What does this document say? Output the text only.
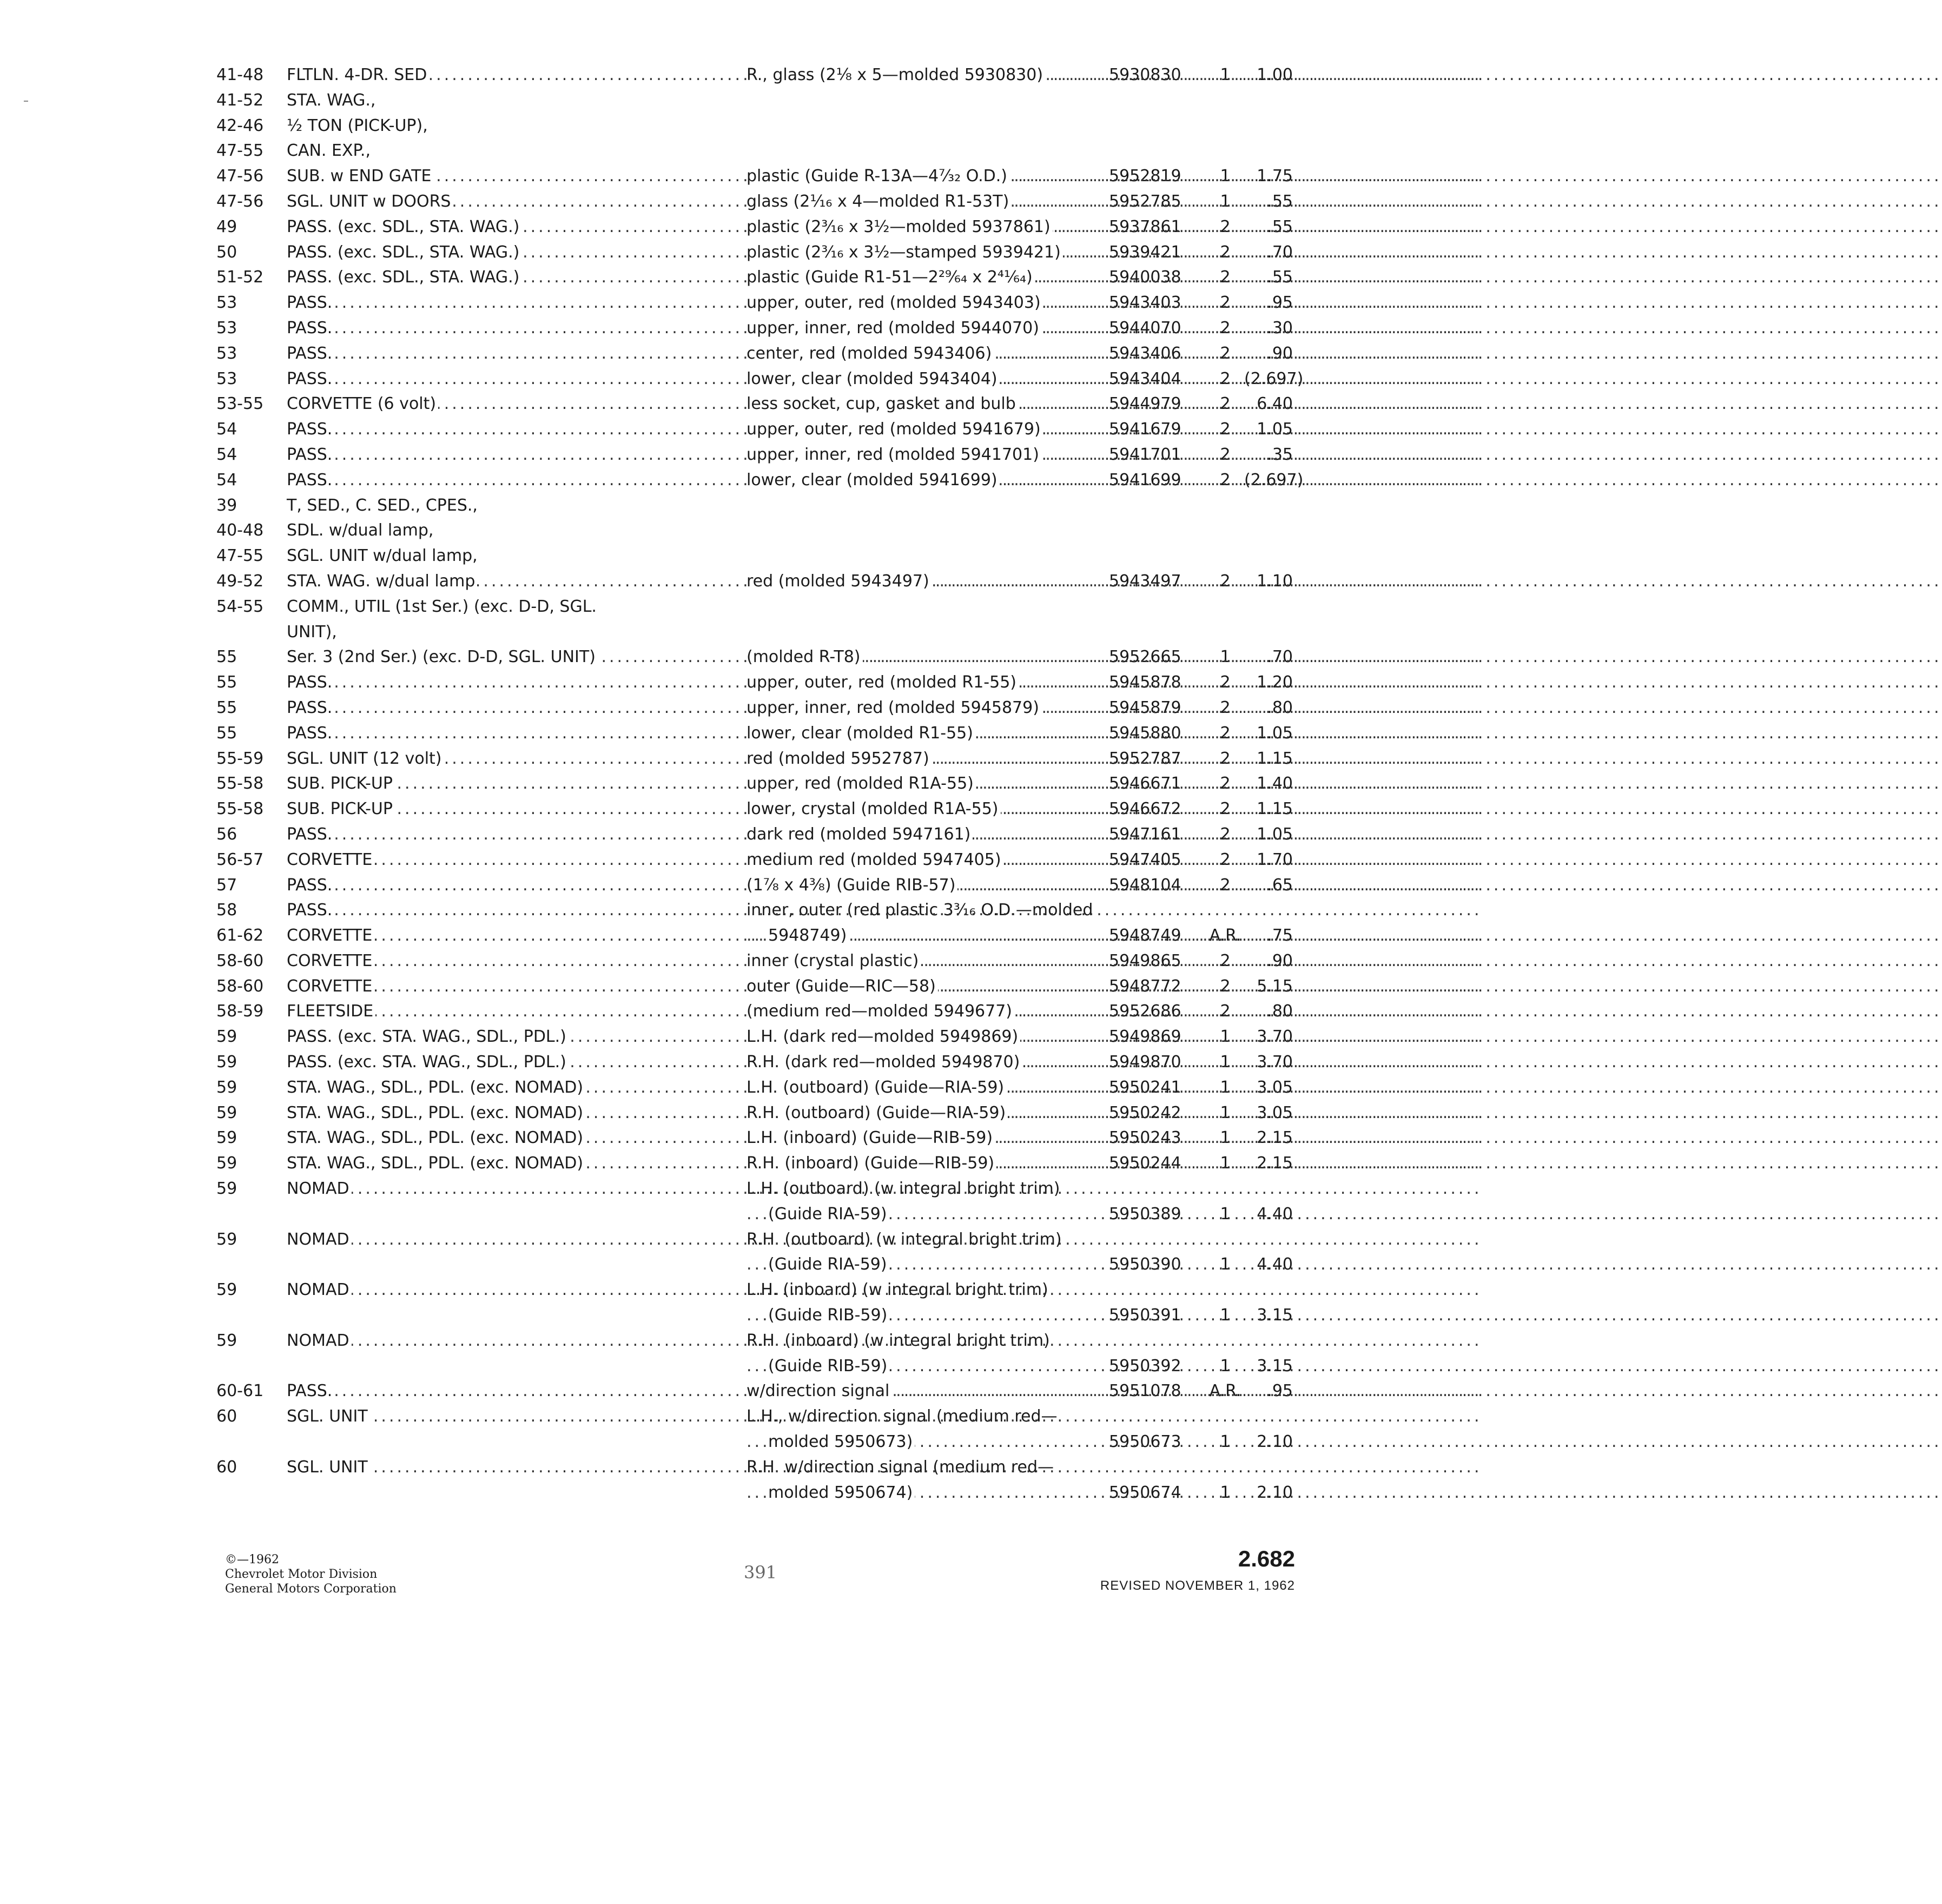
41-48	FLTLN. 4-DR. SED .....		R., glass (2⅛ x 5—molded 5930830) .....	5930830	1	1.00
41-52	STA. WAG.,					
42-46	½ TON (PICK-UP),					
47-55	CAN. EXP.,					
47-56	SUB. w END GATE .....		plastic (Guide R-13A—4⁷⁄₃₂ O.D.) .....	5952819	1	1.75
47-56	SGL. UNIT w DOORS .....		glass (2¹⁄₁₆ x 4—molded R1-53T) .....	5952785	1	.55
49	PASS. (exc. SDL., STA. WAG.) .....		plastic (2³⁄₁₆ x 3½—molded 5937861) .....	5937861	2	.55
50	PASS. (exc. SDL., STA. WAG.) .....		plastic (2³⁄₁₆ x 3½—stamped 5939421) .....	5939421	2	.70
51-52	PASS. (exc. SDL., STA. WAG.) .....		plastic (Guide R1-51—2²⁹⁄₆₄ x 2⁴¹⁄₆₄) .....	5940038	2	.55
53	PASS. .....		upper, outer, red (molded 5943403) .....	5943403	2	.95
53	PASS. .....		upper, inner, red (molded 5944070) .....	5944070	2	.30
53	PASS. .....		center, red (molded 5943406) .....	5943406	2	.90
53	PASS. .....		lower, clear (molded 5943404) .....	5943404	2	(2.697)
53-55	CORVETTE (6 volt) .....		less socket, cup, gasket and bulb .....	5944979	2	6.40
54	PASS. .....		upper, outer, red (molded 5941679) .....	5941679	2	1.05
54	PASS. .....		upper, inner, red (molded 5941701) .....	5941701	2	.35
54	PASS. .....		lower, clear (molded 5941699) .....	5941699	2	(2.697)
39	T, SED., C. SED., CPES.,					
40-48	SDL. w/dual lamp,					
47-55	SGL. UNIT w/dual lamp,					
49-52	STA. WAG. w/dual lamp .....		red (molded 5943497) .....	5943497	2	1.10
54-55	COMM., UTIL (1st Ser.) (exc. D-D, SGL.					
	UNIT),					
55	Ser. 3 (2nd Ser.) (exc. D-D, SGL. UNIT) .....		(molded R-T8) .....	5952665	1	.70
55	PASS. .....		upper, outer, red (molded R1-55) .....	5945878	2	1.20
55	PASS. .....		upper, inner, red (molded 5945879) .....	5945879	2	.80
55	PASS. .....		lower, clear (molded R1-55) .....	5945880	2	1.05
55-59	SGL. UNIT (12 volt) .....		red (molded 5952787) .....	5952787	2	1.15
55-58	SUB. PICK-UP .....		upper, red (molded R1A-55) .....	5946671	2	1.40
55-58	SUB. PICK-UP .....		lower, crystal (molded R1A-55) .....	5946672	2	1.15
56	PASS. .....		dark red (molded 5947161) .....	5947161	2	1.05
56-57	CORVETTE .....		medium red (molded 5947405) .....	5947405	2	1.70
57	PASS. .....		(1⅞ x 4⅜) (Guide RIB-57) .....	5948104	2	.65
58	PASS. .....		inner, outer (red plastic 3³⁄₁₆ O.D.—molded			
61-62	CORVETTE .....		5948749) .....	5948749	A.R.	.75
58-60	CORVETTE .....		inner (crystal plastic) .....	5949865	2	.90
58-60	CORVETTE .....		outer (Guide—RIC—58) .....	5948772	2	5.15
58-59	FLEETSIDE .....		(medium red—molded 5949677) .....	5952686	2	.80
59	PASS. (exc. STA. WAG., SDL., PDL.) .....		L.H. (dark red—molded 5949869) .....	5949869	1	3.70
59	PASS. (exc. STA. WAG., SDL., PDL.) .....		R.H. (dark red—molded 5949870) .....	5949870	1	3.70
59	STA. WAG., SDL., PDL. (exc. NOMAD) .....		L.H. (outboard) (Guide—RIA-59) .....	5950241	1	3.05
59	STA. WAG., SDL., PDL. (exc. NOMAD) .....		R.H. (outboard) (Guide—RIA-59) .....	5950242	1	3.05
59	STA. WAG., SDL., PDL. (exc. NOMAD) .....		L.H. (inboard) (Guide—RIB-59) .....	5950243	1	2.15
59	STA. WAG., SDL., PDL. (exc. NOMAD) .....		R.H. (inboard) (Guide—RIB-59) .....	5950244	1	2.15
59	NOMAD .....		L.H. (outboard) (w integral bright trim)			
			(Guide RIA-59) .....	5950389	1	4.40
59	NOMAD .....		R.H. (outboard) (w integral bright trim)			
			(Guide RIA-59) .....	5950390	1	4.40
59	NOMAD .....		L.H. (inboard) (w integral bright trim)			
			(Guide RIB-59) .....	5950391	1	3.15
59	NOMAD .....		R.H. (inboard) (w integral bright trim)			
			(Guide RIB-59) .....	5950392	1	3.15
60-61	PASS. .....		w/direction signal .....	5951078	A.R.	.95
60	SGL. UNIT .....		L.H., w/direction signal (medium red—			
			molded 5950673) .....	5950673	1	2.10
60	SGL. UNIT .....		R.H. w/direction signal (medium red—			
			molded 5950674) .....	5950674	1	2.10
©—1962
Chevrolet Motor Division
General Motors Corporation
391
2.682
REVISED NOVEMBER 1, 1962
